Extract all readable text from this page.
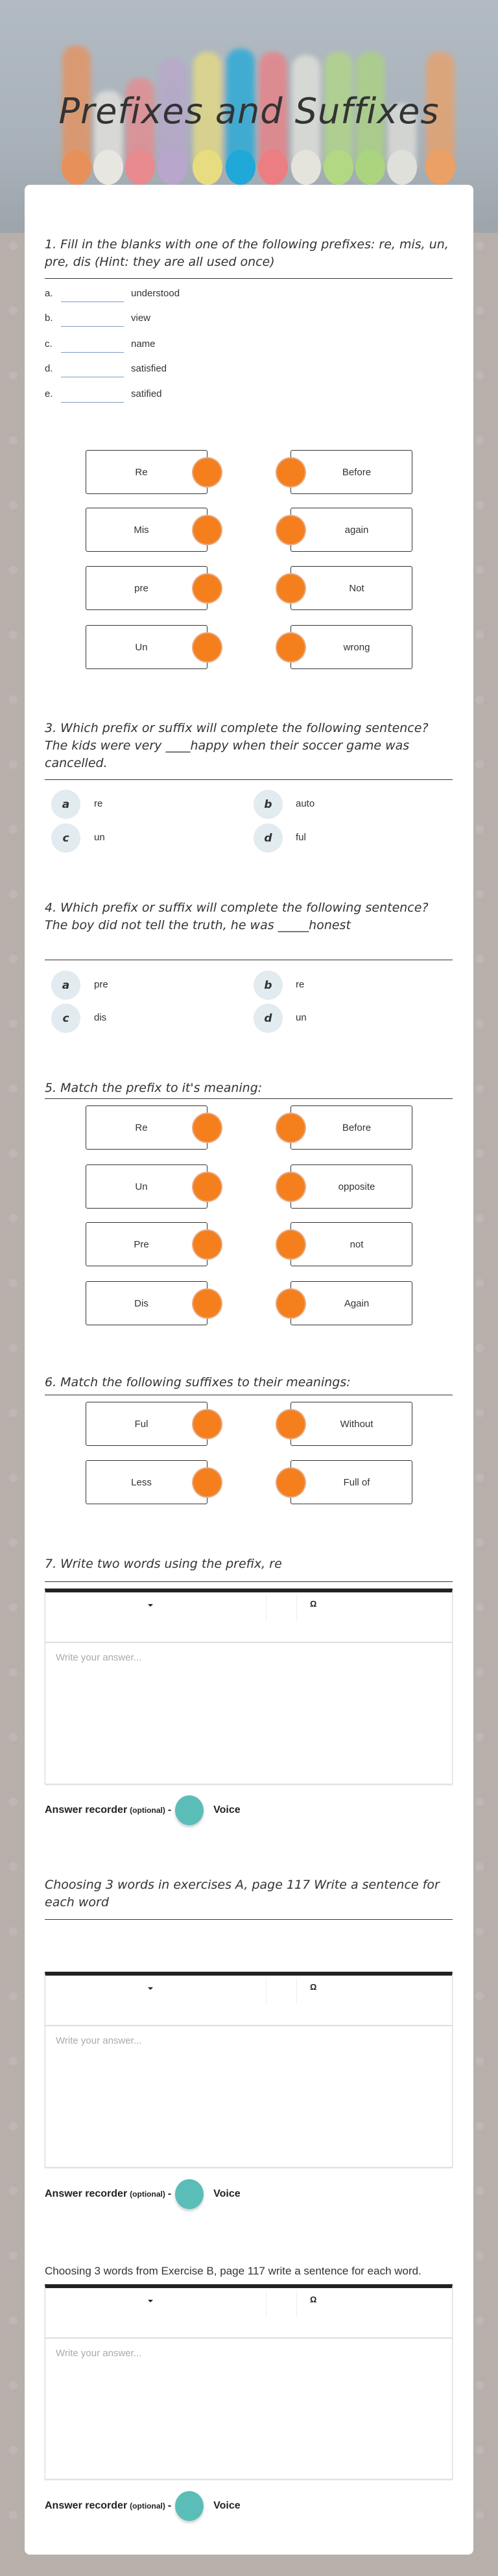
Prefixes and Suffixes
1. Fill in the blanks with one of the following prefixes: re, mis, un, pre, dis (Hint: they are all used once)
a.	understood
b.	view
c.	name
d.	satisfied
e.	satified
Re	Before
Mis	again
pre	Not
Un	wrong
3. Which prefix or suffix will complete the following sentence? The kids were very ____happy when their soccer game was cancelled.
a	re	b	auto
c	un	d	ful
4. Which prefix or suffix will complete the following sentence? The boy did not tell the truth, he was _____honest
a	pre	b	re
c	dis	d	un
5. Match the prefix to it's meaning:
Re	Before
Un	opposite
Pre	not
Dis	Again
6. Match the following suffixes to their meanings:
Ful	Without
Less	Full of
7. Write two words using the prefix, re
Ω
Write your answer...
Answer recorder (optional) -	Voice
Choosing 3 words in exercises A, page 117 Write a sentence for each word
Ω
Write your answer...
Answer recorder (optional) -	Voice
Choosing 3 words from Exercise B, page 117 write a sentence for each word.
Ω
Write your answer...
Answer recorder (optional) -	Voice
